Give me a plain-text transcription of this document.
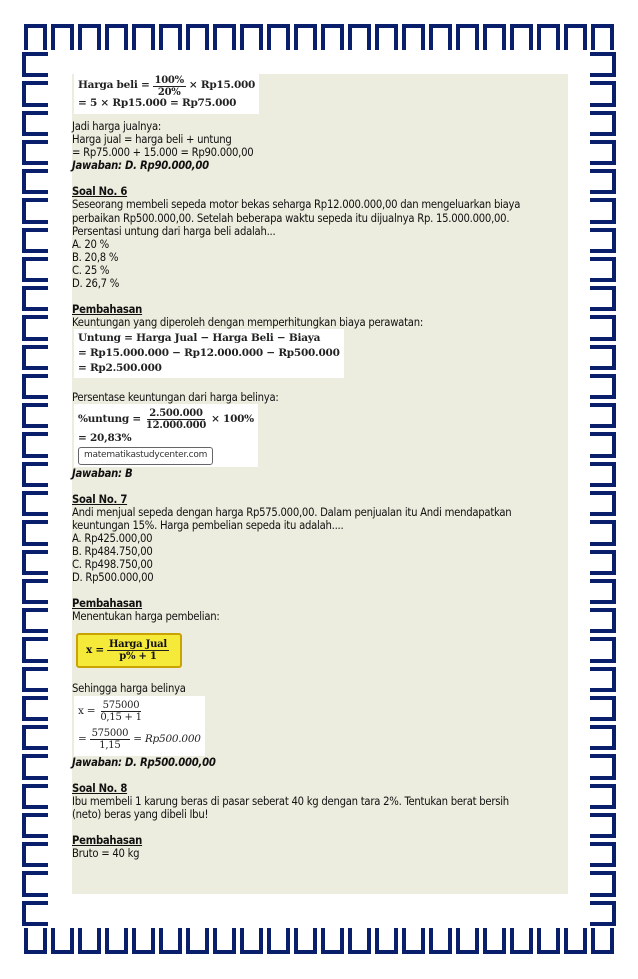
Harga beli = $\frac{100\%}{20\%} \times Rp15.000$
= 5 × Rp15.000 = Rp75.000
Jadi harga jualnya:
Harga jual = harga beli + untung
= Rp75.000 + 15.000 = Rp90.000,00
Jawaban: D. Rp90.000,00
Soal No. 6
Seseorang membeli sepeda motor bekas seharga Rp12.000.000,00 dan mengeluarkan biaya
perbaikan Rp500.000,00. Setelah beberapa waktu sepeda itu dijualnya Rp. 15.000.000,00.
Persentasi untung dari harga beli adalah...
A. 20 %
B. 20,8 %
C. 25 %
D. 26,7 %
Pembahasan
Keuntungan yang diperoleh dengan memperhitungkan biaya perawatan:
Untung = Harga Jual − Harga Beli − Biaya
= Rp15.000.000 − Rp12.000.000 − Rp500.000
= Rp2.500.000
Persentase keuntungan dari harga belinya:
%untung = $\frac{2.500.000}{12.000.000} \times 100\%$
= 20,83%
matematikastudycenter.com
Jawaban: B
Soal No. 7
Andi menjual sepeda dengan harga Rp575.000,00. Dalam penjualan itu Andi mendapatkan
keuntungan 15%. Harga pembelian sepeda itu adalah....
A. Rp425.000,00
B. Rp484.750,00
C. Rp498.750,00
D. Rp500.000,00
Pembahasan
Menentukan harga pembelian:
$x = \frac{\text{Harga Jual}}{p\% + 1}$
Sehingga harga belinya
$x = \frac{575000}{0,15 + 1}$
= $\frac{575000}{1,15} = Rp500.000$
Jawaban: D. Rp500.000,00
Soal No. 8
Ibu membeli 1 karung beras di pasar seberat 40 kg dengan tara 2%. Tentukan berat bersih
(neto) beras yang dibeli Ibu!
Pembahasan
Bruto = 40 kg
